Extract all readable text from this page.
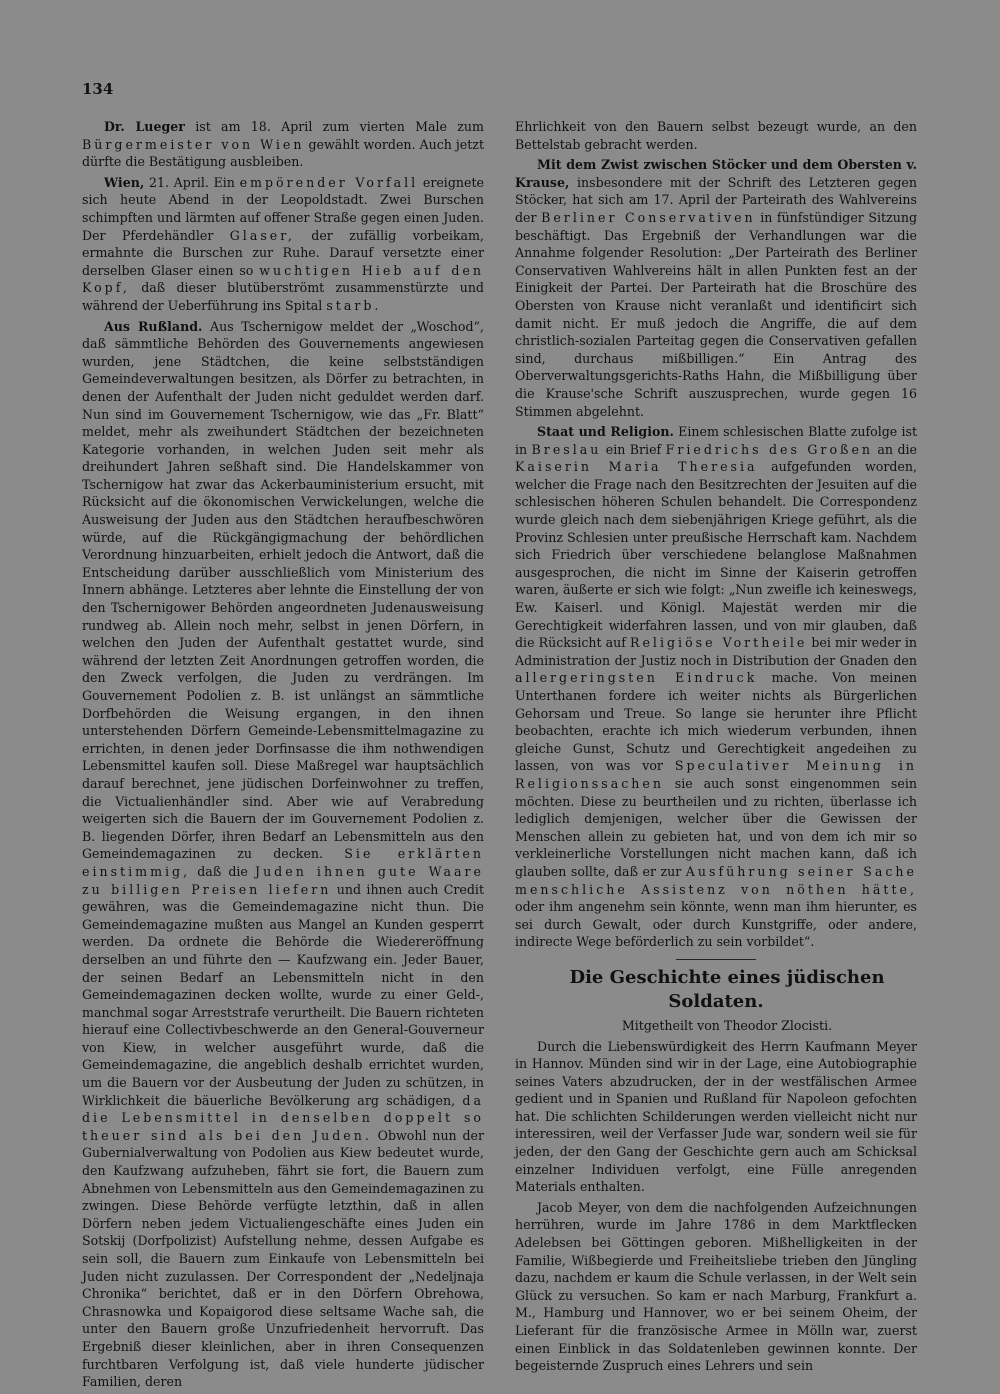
134

Dr. Lueger ist am 18. April zum vierten Male zum Bürgermeister von Wien gewählt worden. Auch jetzt dürfte die Bestätigung ausbleiben.

Wien, 21. April. Ein empörender Vorfall ereignete sich heute Abend in der Leopoldstadt. Zwei Burschen schimpften und lärmten auf offener Straße gegen einen Juden. Der Pferdehändler Glaser, der zufällig vorbeikam, ermahnte die Burschen zur Ruhe. Darauf versetzte einer derselben Glaser einen so wuchtigen Hieb auf den Kopf, daß dieser blutüberströmt zusammenstürzte und während der Ueberführung ins Spital starb.

Aus Rußland. Aus Tschernigow meldet der „Woschod“, daß sämmtliche Behörden des Gouvernements angewiesen wurden, jene Städtchen, die keine selbstständigen Gemeindeverwaltungen besitzen, als Dörfer zu betrachten, in denen der Aufenthalt der Juden nicht geduldet werden darf. Nun sind im Gouvernement Tschernigow, wie das „Fr. Blatt“ meldet, mehr als zweihundert Städtchen der bezeichneten Kategorie vorhanden, in welchen Juden seit mehr als dreihundert Jahren seßhaft sind. Die Handelskammer von Tschernigow hat zwar das Ackerbauministerium ersucht, mit Rücksicht auf die ökonomischen Verwickelungen, welche die Ausweisung der Juden aus den Städtchen heraufbeschwören würde, auf die Rückgängigmachung der behördlichen Verordnung hinzuarbeiten, erhielt jedoch die Antwort, daß die Entscheidung darüber ausschließlich vom Ministerium des Innern abhänge. Letzteres aber lehnte die Einstellung der von den Tschernigower Behörden angeordneten Judenausweisung rundweg ab. Allein noch mehr, selbst in jenen Dörfern, in welchen den Juden der Aufenthalt gestattet wurde, sind während der letzten Zeit Anordnungen getroffen worden, die den Zweck verfolgen, die Juden zu verdrängen. Im Gouvernement Podolien z. B. ist unlängst an sämmtliche Dorfbehörden die Weisung ergangen, in den ihnen unterstehenden Dörfern Gemeinde-Lebensmittelmagazine zu errichten, in denen jeder Dorfinsasse die ihm nothwendigen Lebensmittel kaufen soll. Diese Maßregel war hauptsächlich darauf berechnet, jene jüdischen Dorfeinwohner zu treffen, die Victualienhändler sind. Aber wie auf Verabredung weigerten sich die Bauern der im Gouvernement Podolien z. B. liegenden Dörfer, ihren Bedarf an Lebensmitteln aus den Gemeindemagazinen zu decken. Sie erklärten einstimmig, daß die Juden ihnen gute Waare zu billigen Preisen liefern und ihnen auch Credit gewähren, was die Gemeindemagazine nicht thun. Die Gemeindemagazine mußten aus Mangel an Kunden gesperrt werden. Da ordnete die Behörde die Wiedereröffnung derselben an und führte den — Kaufzwang ein. Jeder Bauer, der seinen Bedarf an Lebensmitteln nicht in den Gemeindemagazinen decken wollte, wurde zu einer Geld-, manchmal sogar Arreststrafe verurtheilt. Die Bauern richteten hierauf eine Collectivbeschwerde an den General-Gouverneur von Kiew, in welcher ausgeführt wurde, daß die Gemeindemagazine, die angeblich deshalb errichtet wurden, um die Bauern vor der Ausbeutung der Juden zu schützen, in Wirklichkeit die bäuerliche Bevölkerung arg schädigen, da die Lebensmittel in denselben doppelt so theuer sind als bei den Juden. Obwohl nun der Gubernialverwaltung von Podolien aus Kiew bedeutet wurde, den Kaufzwang aufzuheben, fährt sie fort, die Bauern zum Abnehmen von Lebensmitteln aus den Gemeindemagazinen zu zwingen. Diese Behörde verfügte letzthin, daß in allen Dörfern neben jedem Victualiengeschäfte eines Juden ein Sotskij (Dorfpolizist) Aufstellung nehme, dessen Aufgabe es sein soll, die Bauern zum Einkaufe von Lebensmitteln bei Juden nicht zuzulassen. Der Correspondent der „Nedeljnaja Chronika“ berichtet, daß er in den Dörfern Obrehowa, Chrasnowka und Kopaigorod diese seltsame Wache sah, die unter den Bauern große Unzufriedenheit hervorruft. Das Ergebniß dieser kleinlichen, aber in ihren Consequenzen furchtbaren Verfolgung ist, daß viele hunderte jüdischer Familien, deren

Ehrlichkeit von den Bauern selbst bezeugt wurde, an den Bettelstab gebracht werden.

Mit dem Zwist zwischen Stöcker und dem Obersten v. Krause, insbesondere mit der Schrift des Letzteren gegen Stöcker, hat sich am 17. April der Parteirath des Wahlvereins der Berliner Conservativen in fünfstündiger Sitzung beschäftigt. Das Ergebniß der Verhandlungen war die Annahme folgender Resolution: „Der Parteirath des Berliner Conservativen Wahlvereins hält in allen Punkten fest an der Einigkeit der Partei. Der Parteirath hat die Broschüre des Obersten von Krause nicht veranlaßt und identificirt sich damit nicht. Er muß jedoch die Angriffe, die auf dem christlich-sozialen Parteitag gegen die Conservativen gefallen sind, durchaus mißbilligen.“ Ein Antrag des Oberverwaltungsgerichts-Raths Hahn, die Mißbilligung über die Krause'sche Schrift auszusprechen, wurde gegen 16 Stimmen abgelehnt.

Staat und Religion. Einem schlesischen Blatte zufolge ist in Breslau ein Brief Friedrichs des Großen an die Kaiserin Maria Theresia aufgefunden worden, welcher die Frage nach den Besitzrechten der Jesuiten auf die schlesischen höheren Schulen behandelt. Die Correspondenz wurde gleich nach dem siebenjährigen Kriege geführt, als die Provinz Schlesien unter preußische Herrschaft kam. Nachdem sich Friedrich über verschiedene belanglose Maßnahmen ausgesprochen, die nicht im Sinne der Kaiserin getroffen waren, äußerte er sich wie folgt: „Nun zweifle ich keineswegs, Ew. Kaiserl. und Königl. Majestät werden mir die Gerechtigkeit widerfahren lassen, und von mir glauben, daß die Rücksicht auf Religiöse Vortheile bei mir weder in Administration der Justiz noch in Distribution der Gnaden den allergeringsten Eindruck mache. Von meinen Unterthanen fordere ich weiter nichts als Bürgerlichen Gehorsam und Treue. So lange sie herunter ihre Pflicht beobachten, erachte ich mich wiederum verbunden, ihnen gleiche Gunst, Schutz und Gerechtigkeit angedeihen zu lassen, von was vor Speculativer Meinung in Religionssachen sie auch sonst eingenommen sein möchten. Diese zu beurtheilen und zu richten, überlasse ich lediglich demjenigen, welcher über die Gewissen der Menschen allein zu gebieten hat, und von dem ich mir so verkleinerliche Vorstellungen nicht machen kann, daß ich glauben sollte, daß er zur Ausführung seiner Sache menschliche Assistenz von nöthen hätte, oder ihm angenehm sein könnte, wenn man ihm hierunter, es sei durch Gewalt, oder durch Kunstgriffe, oder andere, indirecte Wege beförderlich zu sein vorbildet“.

Die Geschichte eines jüdischen Soldaten.

Mitgetheilt von Theodor Zlocisti.

Durch die Liebenswürdigkeit des Herrn Kaufmann Meyer in Hannov. Münden sind wir in der Lage, eine Autobiographie seines Vaters abzudrucken, der in der westfälischen Armee gedient und in Spanien und Rußland für Napoleon gefochten hat. Die schlichten Schilderungen werden vielleicht nicht nur interessiren, weil der Verfasser Jude war, sondern weil sie für jeden, der den Gang der Geschichte gern auch am Schicksal einzelner Individuen verfolgt, eine Fülle anregenden Materials enthalten.

Jacob Meyer, von dem die nachfolgenden Aufzeichnungen herrühren, wurde im Jahre 1786 in dem Marktflecken Adelebsen bei Göttingen geboren. Mißhelligkeiten in der Familie, Wißbegierde und Freiheitsliebe trieben den Jüngling dazu, nachdem er kaum die Schule verlassen, in der Welt sein Glück zu versuchen. So kam er nach Marburg, Frankfurt a. M., Hamburg und Hannover, wo er bei seinem Oheim, der Lieferant für die französische Armee in Mölln war, zuerst einen Einblick in das Soldatenleben gewinnen konnte. Der begeisternde Zuspruch eines Lehrers und sein
